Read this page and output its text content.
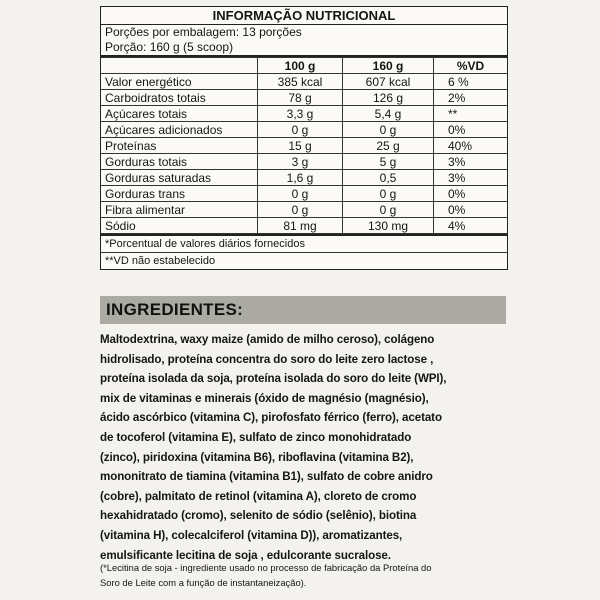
INFORMAÇÃO NUTRICIONAL
Porções por embalagem: 13 porções
Porção: 160 g (5 scoop)
	100 g	160 g	%VD
Valor energético	385 kcal	607 kcal	6 %
Carboidratos totais	78 g	126 g	2%
Açúcares totais	3,3 g	5,4 g	**
Açúcares adicionados	0 g	0 g	0%
Proteínas	15 g	25 g	40%
Gorduras totais	3 g	5 g	3%
Gorduras saturadas	1,6 g	0,5	3%
Gorduras trans	0 g	0 g	0%
Fibra alimentar	0 g	0 g	0%
Sódio	81 mg	130 mg	4%
*Porcentual de valores diários fornecidos
**VD não estabelecido
INGREDIENTES:
Maltodextrina, waxy maize (amido de milho ceroso), colágeno
hidrolisado, proteína concentra do soro do leite zero lactose ,
proteína isolada da soja, proteína isolada do soro do leite (WPI),
mix de vitaminas e minerais (óxido de magnésio (magnésio),
ácido ascórbico (vitamina C), pirofosfato férrico (ferro), acetato
de tocoferol (vitamina E), sulfato de zinco monohidratado
(zinco), piridoxina (vitamina B6), riboflavina (vitamina B2),
mononitrato de tiamina (vitamina B1), sulfato de cobre anidro
(cobre), palmitato de retinol (vitamina A), cloreto de cromo
hexahidratado (cromo), selenito de sódio (selênio), biotina
(vitamina H), colecalciferol (vitamina D)), aromatizantes,
emulsificante lecitina de soja , edulcorante sucralose.
(*Lecitina de soja - ingrediente usado no processo de fabricação da Proteína do
Soro de Leite com a função de instantaneização).
